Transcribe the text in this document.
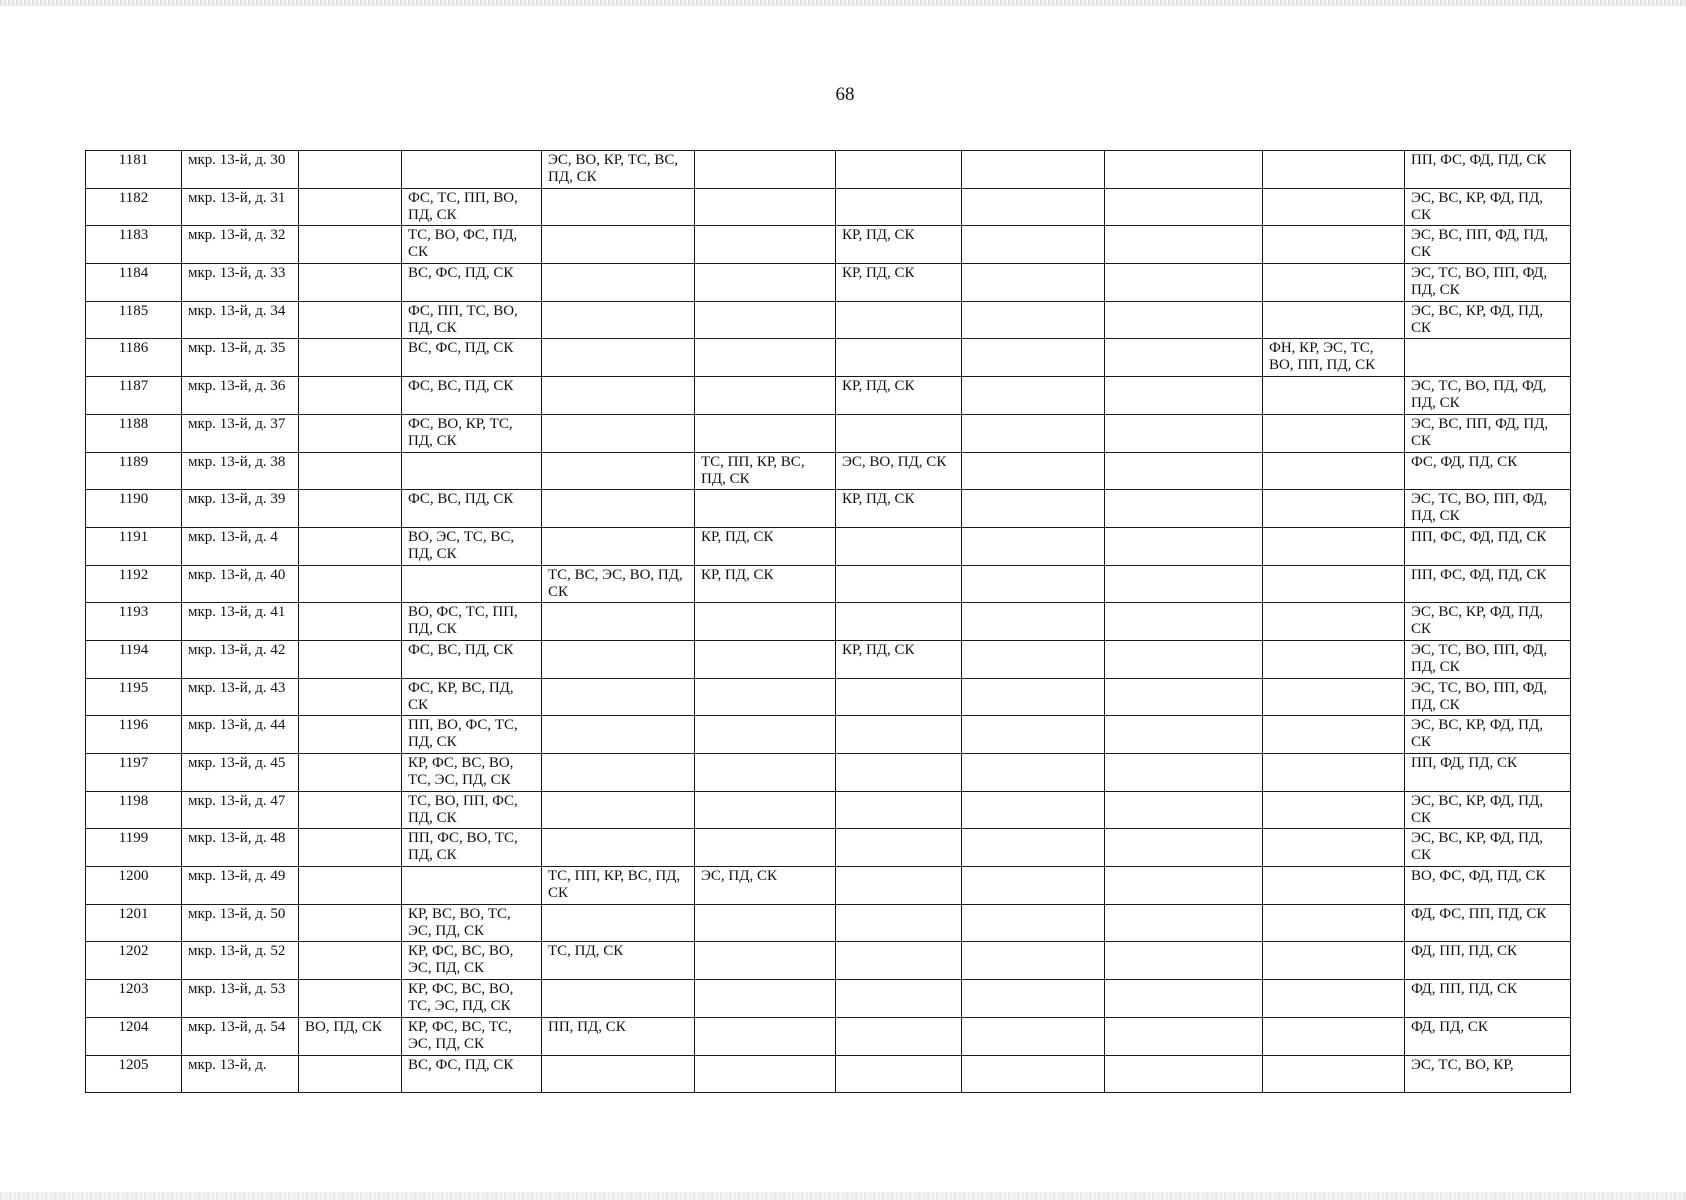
68
1181	мкр. 13-й, д. 30			ЭС, ВО, КР, ТС, ВС, ПД, СК						ПП, ФС, ФД, ПД, СК
1182	мкр. 13-й, д. 31		ФС, ТС, ПП, ВО, ПД, СК							ЭС, ВС, КР, ФД, ПД, СК
1183	мкр. 13-й, д. 32		ТС, ВО, ФС, ПД, СК			КР, ПД, СК				ЭС, ВС, ПП, ФД, ПД, СК
1184	мкр. 13-й, д. 33		ВС, ФС, ПД, СК			КР, ПД, СК				ЭС, ТС, ВО, ПП, ФД, ПД, СК
1185	мкр. 13-й, д. 34		ФС, ПП, ТС, ВО, ПД, СК							ЭС, ВС, КР, ФД, ПД, СК
1186	мкр. 13-й, д. 35		ВС, ФС, ПД, СК						ФН, КР, ЭС, ТС, ВО, ПП, ПД, СК	
1187	мкр. 13-й, д. 36		ФС, ВС, ПД, СК			КР, ПД, СК				ЭС, ТС, ВО, ПД, ФД, ПД, СК
1188	мкр. 13-й, д. 37		ФС, ВО, КР, ТС, ПД, СК							ЭС, ВС, ПП, ФД, ПД, СК
1189	мкр. 13-й, д. 38				ТС, ПП, КР, ВС, ПД, СК	ЭС, ВО, ПД, СК				ФС, ФД, ПД, СК
1190	мкр. 13-й, д. 39		ФС, ВС, ПД, СК			КР, ПД, СК				ЭС, ТС, ВО, ПП, ФД, ПД, СК
1191	мкр. 13-й, д. 4		ВО, ЭС, ТС, ВС, ПД, СК		КР, ПД, СК					ПП, ФС, ФД, ПД, СК
1192	мкр. 13-й, д. 40			ТС, ВС, ЭС, ВО, ПД, СК	КР, ПД, СК					ПП, ФС, ФД, ПД, СК
1193	мкр. 13-й, д. 41		ВО, ФС, ТС, ПП, ПД, СК							ЭС, ВС, КР, ФД, ПД, СК
1194	мкр. 13-й, д. 42		ФС, ВС, ПД, СК			КР, ПД, СК				ЭС, ТС, ВО, ПП, ФД, ПД, СК
1195	мкр. 13-й, д. 43		ФС, КР, ВС, ПД, СК							ЭС, ТС, ВО, ПП, ФД, ПД, СК
1196	мкр. 13-й, д. 44		ПП, ВО, ФС, ТС, ПД, СК							ЭС, ВС, КР, ФД, ПД, СК
1197	мкр. 13-й, д. 45		КР, ФС, ВС, ВО, ТС, ЭС, ПД, СК							ПП, ФД, ПД, СК
1198	мкр. 13-й, д. 47		ТС, ВО, ПП, ФС, ПД, СК							ЭС, ВС, КР, ФД, ПД, СК
1199	мкр. 13-й, д. 48		ПП, ФС, ВО, ТС, ПД, СК							ЭС, ВС, КР, ФД, ПД, СК
1200	мкр. 13-й, д. 49			ТС, ПП, КР, ВС, ПД, СК	ЭС, ПД, СК					ВО, ФС, ФД, ПД, СК
1201	мкр. 13-й, д. 50		КР, ВС, ВО, ТС, ЭС, ПД, СК							ФД, ФС, ПП, ПД, СК
1202	мкр. 13-й, д. 52		КР, ФС, ВС, ВО, ЭС, ПД, СК	ТС, ПД, СК						ФД, ПП, ПД, СК
1203	мкр. 13-й, д. 53		КР, ФС, ВС, ВО, ТС, ЭС, ПД, СК							ФД, ПП, ПД, СК
1204	мкр. 13-й, д. 54	ВО, ПД, СК	КР, ФС, ВС, ТС, ЭС, ПД, СК	ПП, ПД, СК						ФД, ПД, СК
1205	мкр. 13-й, д.		ВС, ФС, ПД, СК							ЭС, ТС, ВО, КР,
